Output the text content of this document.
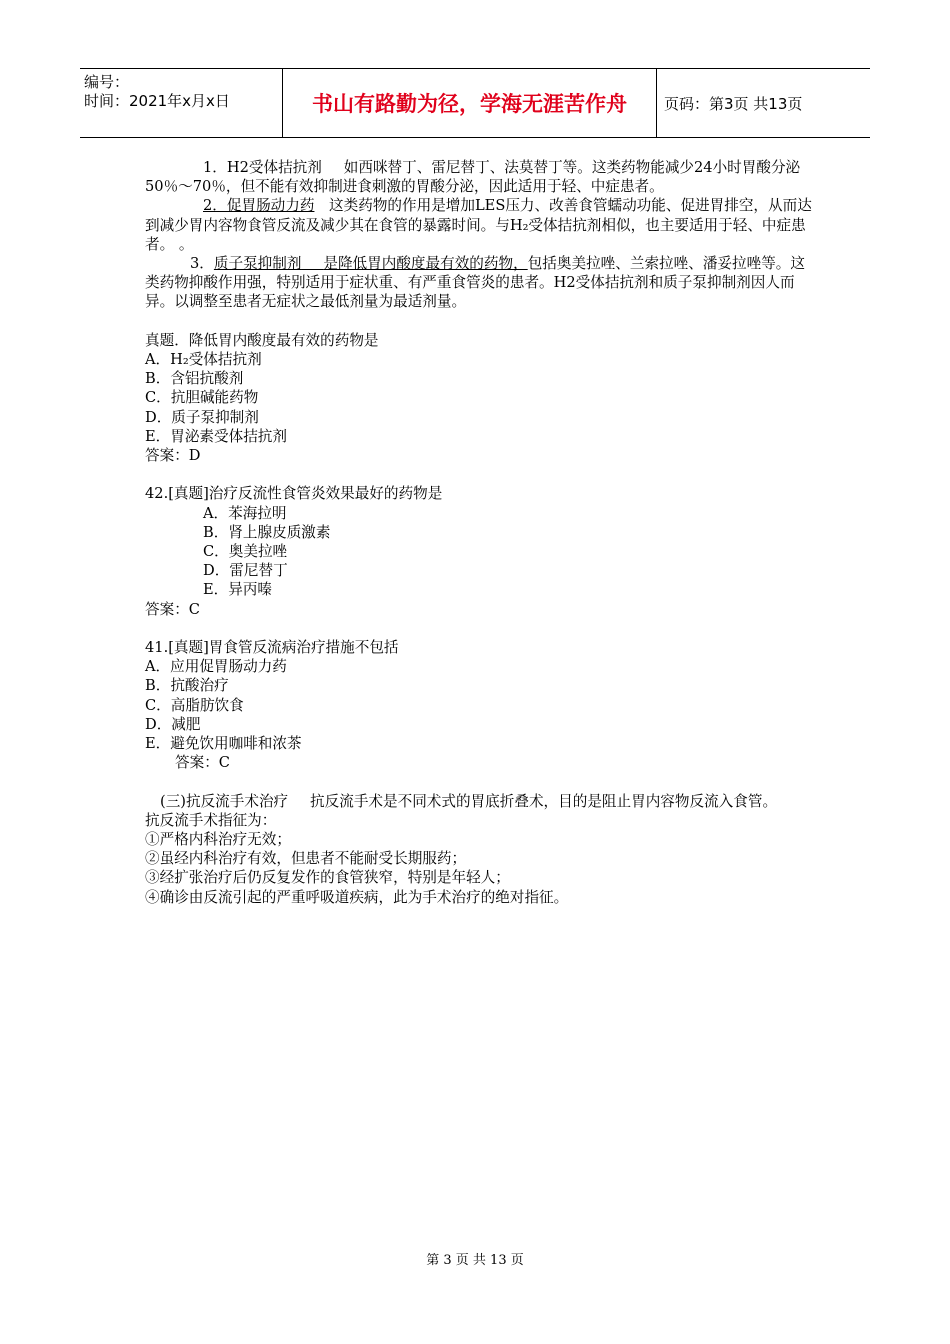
编号：
时间：2021年x月x日	书山有路勤为径，学海无涯苦作舟	页码：第3页 共13页

1．H2受体拮抗剂   如西咪替丁、雷尼替丁、法莫替丁等。这类药物能减少24小时胃酸分泌50％～70％，但不能有效抑制进食刺激的胃酸分泌，因此适用于轻、中症患者。

2．促胃肠动力药  这类药物的作用是增加LES压力、改善食管蠕动功能、促进胃排空，从而达到减少胃内容物食管反流及减少其在食管的暴露时间。与H₂受体拮抗剂相似，也主要适用于轻、中症患者。 。

3．质子泵抑制剂   是降低胃内酸度最有效的药物，包括奥美拉唑、兰索拉唑、潘妥拉唑等。这类药物抑酸作用强，特别适用于症状重、有严重食管炎的患者。H2受体拮抗剂和质子泵抑制剂因人而异。以调整至患者无症状之最低剂量为最适剂量。

真题．降低胃内酸度最有效的药物是

A．H₂受体拮抗剂

B．含铝抗酸剂

C．抗胆碱能药物

D．质子泵抑制剂

E．胃泌素受体拮抗剂

答案：D

42.[真题]治疗反流性食管炎效果最好的药物是

A．苯海拉明

B．肾上腺皮质激素

C．奥美拉唑

D．雷尼替丁

E．异丙嗪

答案：C

41.[真题]胃食管反流病治疗措施不包括

A．应用促胃肠动力药

B．抗酸治疗

C．高脂肪饮食

D．减肥

E．避免饮用咖啡和浓茶

答案：C

(三)抗反流手术治疗   抗反流手术是不同术式的胃底折叠术，目的是阻止胃内容物反流入食管。

抗反流手术指征为：

①严格内科治疗无效；

②虽经内科治疗有效，但患者不能耐受长期服药；

③经扩张治疗后仍反复发作的食管狭窄，特别是年轻人；

④确诊由反流引起的严重呼吸道疾病，此为手术治疗的绝对指征。

第 3 页 共 13 页
